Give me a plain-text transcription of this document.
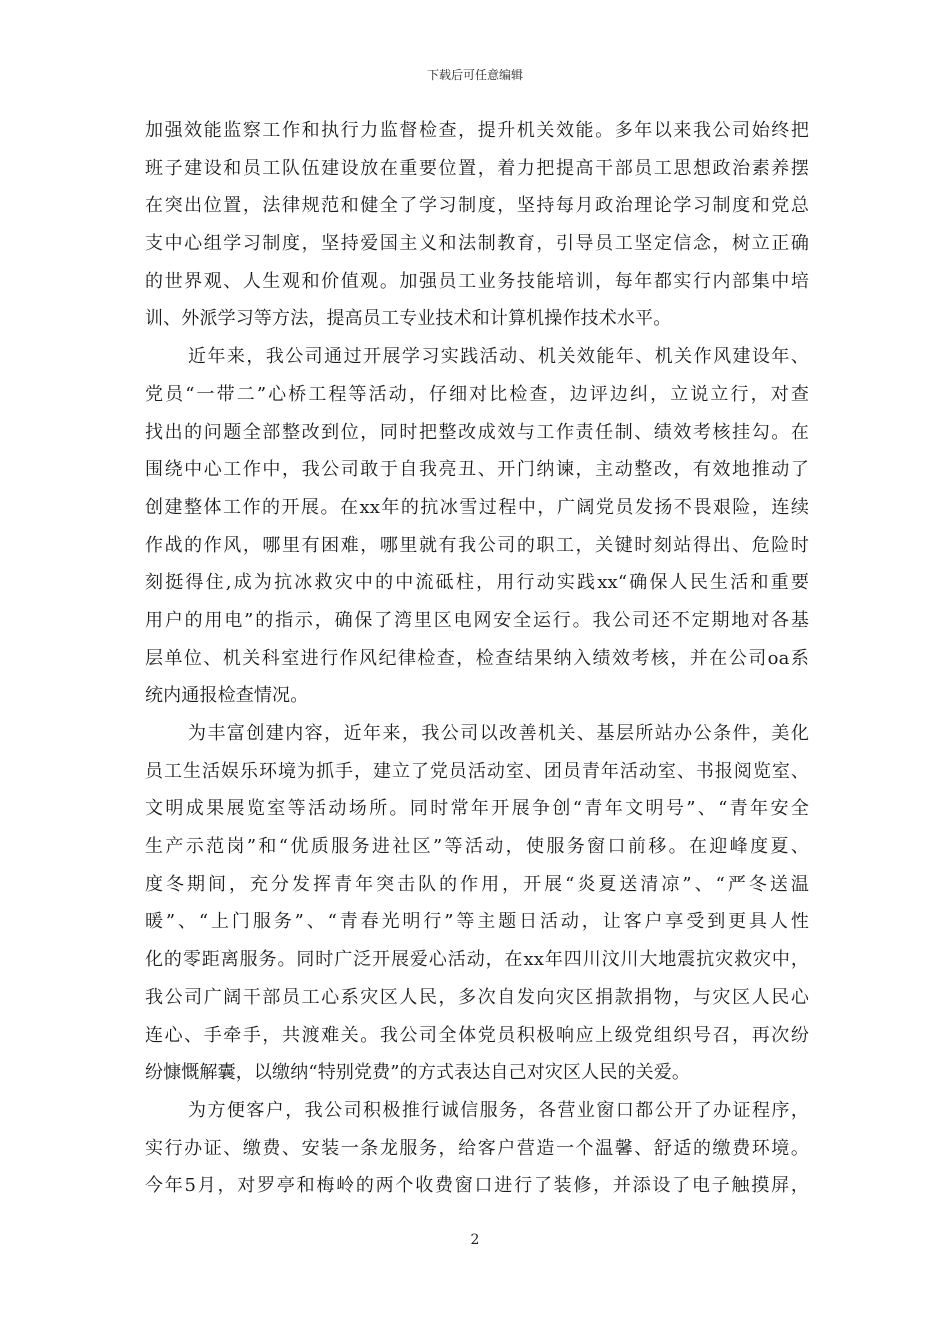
下载后可任意编辑
加强效能监察工作和执行力监督检查，提升机关效能。多年以来我公司始终把
班子建设和员工队伍建设放在重要位置，着力把提高干部员工思想政治素养摆
在突出位置，法律规范和健全了学习制度，坚持每月政治理论学习制度和党总
支中心组学习制度，坚持爱国主义和法制教育，引导员工坚定信念，树立正确
的世界观、人生观和价值观。加强员工业务技能培训，每年都实行内部集中培
训、外派学习等方法，提高员工专业技术和计算机操作技术水平。
近年来，我公司通过开展学习实践活动、机关效能年、机关作风建设年、
党员“一带二”心桥工程等活动，仔细对比检查，边评边纠，立说立行，对查
找出的问题全部整改到位，同时把整改成效与工作责任制、绩效考核挂勾。在
围绕中心工作中，我公司敢于自我亮丑、开门纳谏，主动整改，有效地推动了
创建整体工作的开展。在xx年的抗冰雪过程中，广阔党员发扬不畏艰险，连续
作战的作风，哪里有困难，哪里就有我公司的职工，关键时刻站得出、危险时
刻挺得住,成为抗冰救灾中的中流砥柱，用行动实践xx“确保人民生活和重要
用户的用电”的指示，确保了湾里区电网安全运行。我公司还不定期地对各基
层单位、机关科室进行作风纪律检查，检查结果纳入绩效考核，并在公司oa系
统内通报检查情况。
为丰富创建内容，近年来，我公司以改善机关、基层所站办公条件，美化
员工生活娱乐环境为抓手，建立了党员活动室、团员青年活动室、书报阅览室、
文明成果展览室等活动场所。同时常年开展争创“青年文明号”、“青年安全
生产示范岗”和“优质服务进社区”等活动，使服务窗口前移。在迎峰度夏、
度冬期间，充分发挥青年突击队的作用，开展“炎夏送清凉”、“严冬送温
暖”、“上门服务”、“青春光明行”等主题日活动，让客户享受到更具人性
化的零距离服务。同时广泛开展爱心活动，在xx年四川汶川大地震抗灾救灾中，
我公司广阔干部员工心系灾区人民，多次自发向灾区捐款捐物，与灾区人民心
连心、手牵手，共渡难关。我公司全体党员积极响应上级党组织号召，再次纷
纷慷慨解囊，以缴纳“特别党费”的方式表达自己对灾区人民的关爱。
为方便客户，我公司积极推行诚信服务，各营业窗口都公开了办证程序，
实行办证、缴费、安装一条龙服务，给客户营造一个温馨、舒适的缴费环境。
今年5月，对罗亭和梅岭的两个收费窗口进行了装修，并添设了电子触摸屏，
2
